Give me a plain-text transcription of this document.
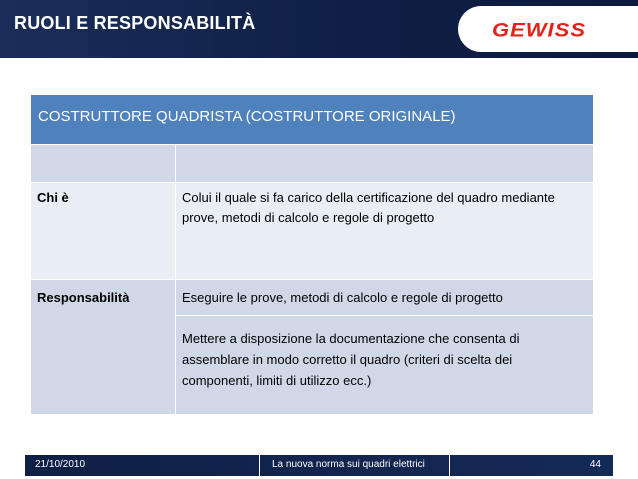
RUOLI E RESPONSABILITÀ	GEWISS
COSTRUTTORE QUADRISTA (COSTRUTTORE ORIGINALE)
Chi è	Colui il quale si fa carico della certificazione del quadro mediante prove, metodi di calcolo e regole di progetto
Responsabilità	Eseguire le prove, metodi di calcolo e regole di progetto
Mettere a disposizione la documentazione che consenta di assemblare in modo corretto il quadro (criteri di scelta dei componenti, limiti di utilizzo ecc.)
21/10/2010	La nuova norma sui quadri elettrici	44
